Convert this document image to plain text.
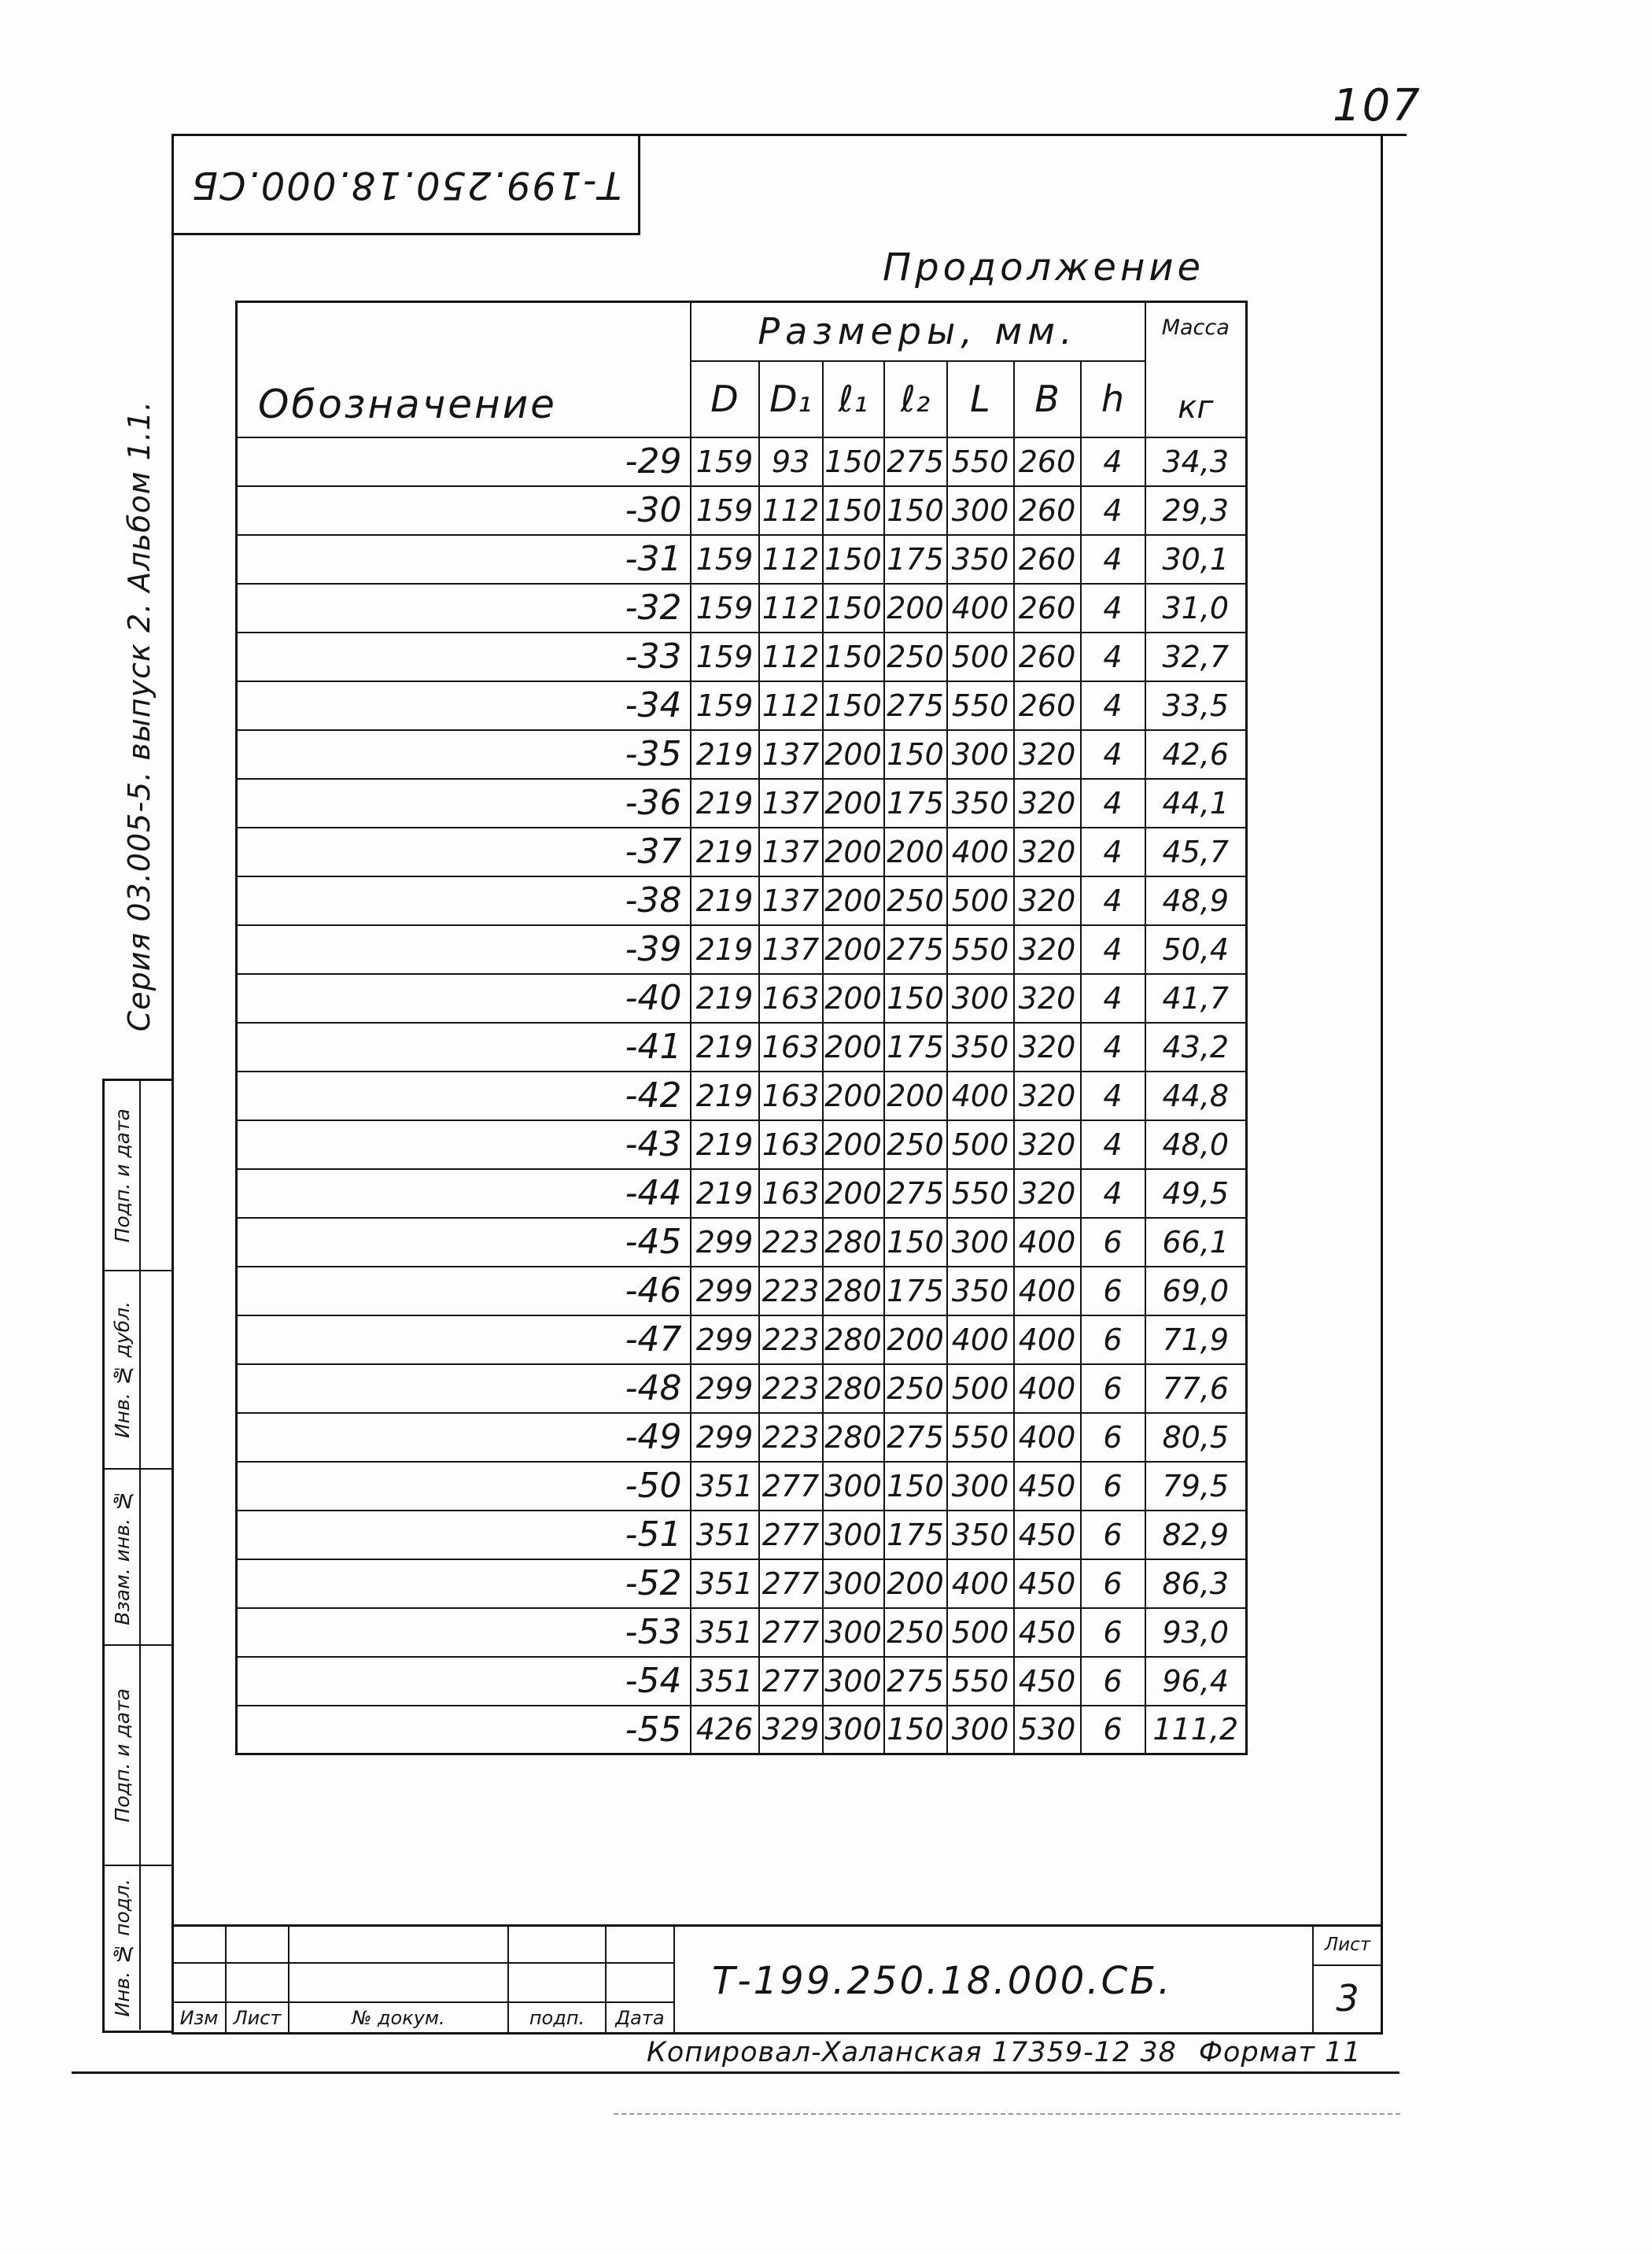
107
Т-199.250.18.000.СБ
Продолжение
Серия 03.005-5. выпуск 2. Альбом 1.1.
Подп. и дата
Инв. № дубл.
Взам. инв. №
Подп. и дата
Инв. № подл.
Обозначение	Размеры, мм.							Масса
кг

	D	D₁	ℓ₁	ℓ₂	L	B	h	
-29	159	93	150	275	550	260	4	34,3
-30	159	112	150	150	300	260	4	29,3
-31	159	112	150	175	350	260	4	30,1
-32	159	112	150	200	400	260	4	31,0
-33	159	112	150	250	500	260	4	32,7
-34	159	112	150	275	550	260	4	33,5
-35	219	137	200	150	300	320	4	42,6
-36	219	137	200	175	350	320	4	44,1
-37	219	137	200	200	400	320	4	45,7
-38	219	137	200	250	500	320	4	48,9
-39	219	137	200	275	550	320	4	50,4
-40	219	163	200	150	300	320	4	41,7
-41	219	163	200	175	350	320	4	43,2
-42	219	163	200	200	400	320	4	44,8
-43	219	163	200	250	500	320	4	48,0
-44	219	163	200	275	550	320	4	49,5
-45	299	223	280	150	300	400	6	66,1
-46	299	223	280	175	350	400	6	69,0
-47	299	223	280	200	400	400	6	71,9
-48	299	223	280	250	500	400	6	77,6
-49	299	223	280	275	550	400	6	80,5
-50	351	277	300	150	300	450	6	79,5
-51	351	277	300	175	350	450	6	82,9
-52	351	277	300	200	400	450	6	86,3
-53	351	277	300	250	500	450	6	93,0
-54	351	277	300	275	550	450	6	96,4
-55	426	329	300	150	300	530	6	111,2

Изм	Лист	№ докум.	подп.	Дата
Т-199.250.18.000.СБ.
Лист
3
Копировал-Халанская 17359-12 38 Формат 11
